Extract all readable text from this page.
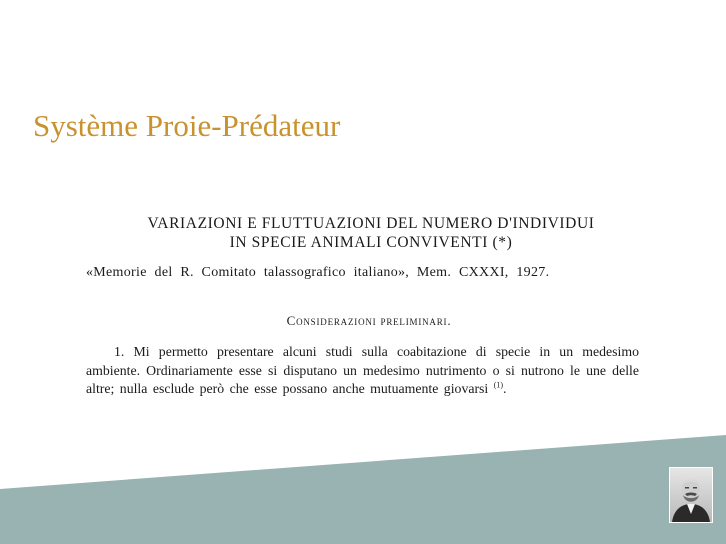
Système Proie-Prédateur
VARIAZIONI E FLUTTUAZIONI DEL NUMERO D'INDIVIDUI
IN SPECIE ANIMALI CONVIVENTI (*)
«Memorie del R. Comitato talassografico italiano», Mem. CXXXI, 1927.
Considerazioni preliminari.
1. Mi permetto presentare alcuni studi sulla coabitazione di specie in un medesimo ambiente. Ordinariamente esse si disputano un medesimo nutrimento o si nutrono le une delle altre; nulla esclude però che esse possano anche mutuamente giovarsi $^{(1)}$.
